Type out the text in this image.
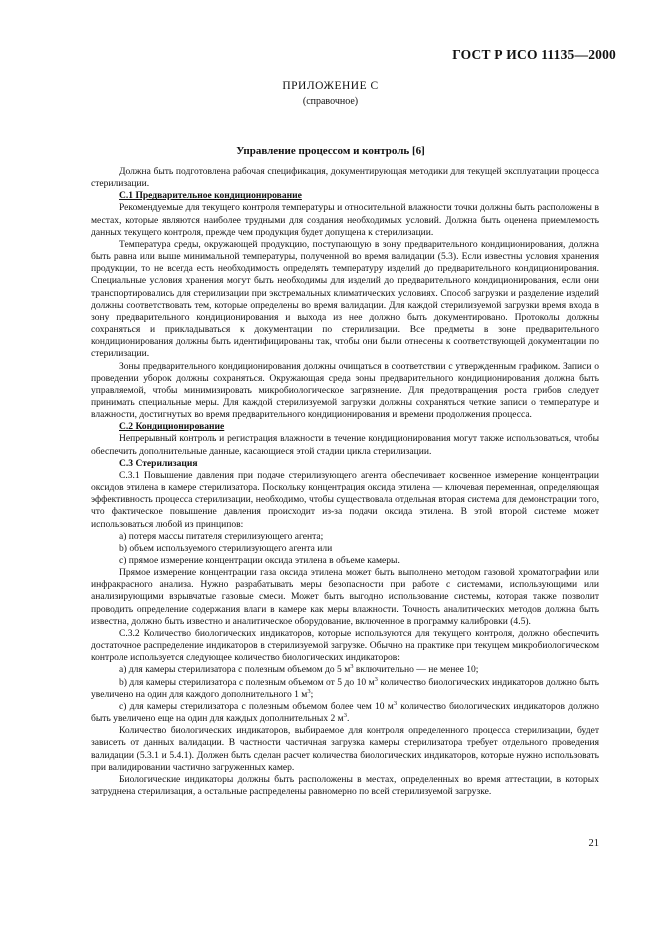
ГОСТ Р ИСО 11135—2000
ПРИЛОЖЕНИЕ С
(справочное)
Управление процессом и контроль [6]

Должна быть подготовлена рабочая спецификация, документирующая методики для текущей эксплуатации процесса стерилизации.

С.1 Предварительное кондиционирование

Рекомендуемые для текущего контроля температуры и относительной влажности точки должны быть расположены в местах, которые являются наиболее трудными для создания необходимых условий. Должна быть оценена приемлемость данных текущего контроля, прежде чем продукция будет допущена к стерилизации.

Температура среды, окружающей продукцию, поступающую в зону предварительного кондиционирования, должна быть равна или выше минимальной температуры, полученной во время валидации (5.3). Если известны условия хранения продукции, то не всегда есть необходимость определять температуру изделий до предварительного кондиционирования. Специальные условия хранения могут быть необходимы для изделий до предварительного кондиционирования, если они транспортировались для стерилизации при экстремальных климатических условиях. Способ загрузки и разделение изделий должны соответствовать тем, которые определены во время валидации. Для каждой стерилизуемой загрузки время входа в зону предварительного кондиционирования и выхода из нее должно быть документировано. Протоколы должны сохраняться и прикладываться к документации по стерилизации. Все предметы в зоне предварительного кондиционирования должны быть идентифицированы так, чтобы они были отнесены к соответствующей документации по стерилизации.

Зоны предварительного кондиционирования должны очищаться в соответствии с утвержденным графиком. Записи о проведении уборок должны сохраняться. Окружающая среда зоны предварительного кондиционирования должна быть управляемой, чтобы минимизировать микробиологическое загрязнение. Для предотвращения роста грибов следует принимать специальные меры. Для каждой стерилизуемой загрузки должны сохраняться четкие записи о температуре и влажности, достигнутых во время предварительного кондиционирования и времени продолжения процесса.

С.2 Кондиционирование

Непрерывный контроль и регистрация влажности в течение кондиционирования могут также использоваться, чтобы обеспечить дополнительные данные, касающиеся этой стадии цикла стерилизации.

С.3 Стерилизация

С.3.1 Повышение давления при подаче стерилизующего агента обеспечивает косвенное измерение концентрации оксидов этилена в камере стерилизатора. Поскольку концентрация оксида этилена — ключевая переменная, определяющая эффективность процесса стерилизации, необходимо, чтобы существовала отдельная вторая система для демонстрации того, что фактическое повышение давления происходит из-за подачи оксида этилена. В этой второй системе может использоваться любой из принципов:

а) потеря массы питателя стерилизующего агента;

b) объем используемого стерилизующего агента или

с) прямое измерение концентрации оксида этилена в объеме камеры.

Прямое измерение концентрации газа оксида этилена может быть выполнено методом газовой хроматографии или инфракрасного анализа. Нужно разрабатывать меры безопасности при работе с системами, использующими или анализирующими взрывчатые газовые смеси. Может быть выгодно использование системы, которая также позволит проводить определение содержания влаги в камере как меры влажности. Точность аналитических методов должна быть известна, должно быть известно и аналитическое оборудование, включенное в программу калибровки (4.5).

С.3.2 Количество биологических индикаторов, которые используются для текущего контроля, должно обеспечить достаточное распределение индикаторов в стерилизуемой загрузке. Обычно на практике при текущем микробиологическом контроле используется следующее количество биологических индикаторов:

а) для камеры стерилизатора с полезным объемом до 5 $м^3$ включительно — не менее 10;

b) для камеры стерилизатора с полезным объемом от 5 до 10 $м^3$ количество биологических индикаторов должно быть увеличено на один для каждого дополнительного 1 $м^3$;

с) для камеры стерилизатора с полезным объемом более чем 10 $м^3$ количество биологических индикаторов должно быть увеличено еще на один для каждых дополнительных 2 $м^3$.

Количество биологических индикаторов, выбираемое для контроля определенного процесса стерилизации, будет зависеть от данных валидации. В частности частичная загрузка камеры стерилизатора требует отдельного проведения валидации (5.3.1 и 5.4.1). Должен быть сделан расчет количества биологических индикаторов, которые нужно использовать при валидировании частично загруженных камер.

Биологические индикаторы должны быть расположены в местах, определенных во время аттестации, в которых затруднена стерилизация, а остальные распределены равномерно по всей стерилизуемой загрузке.

21
